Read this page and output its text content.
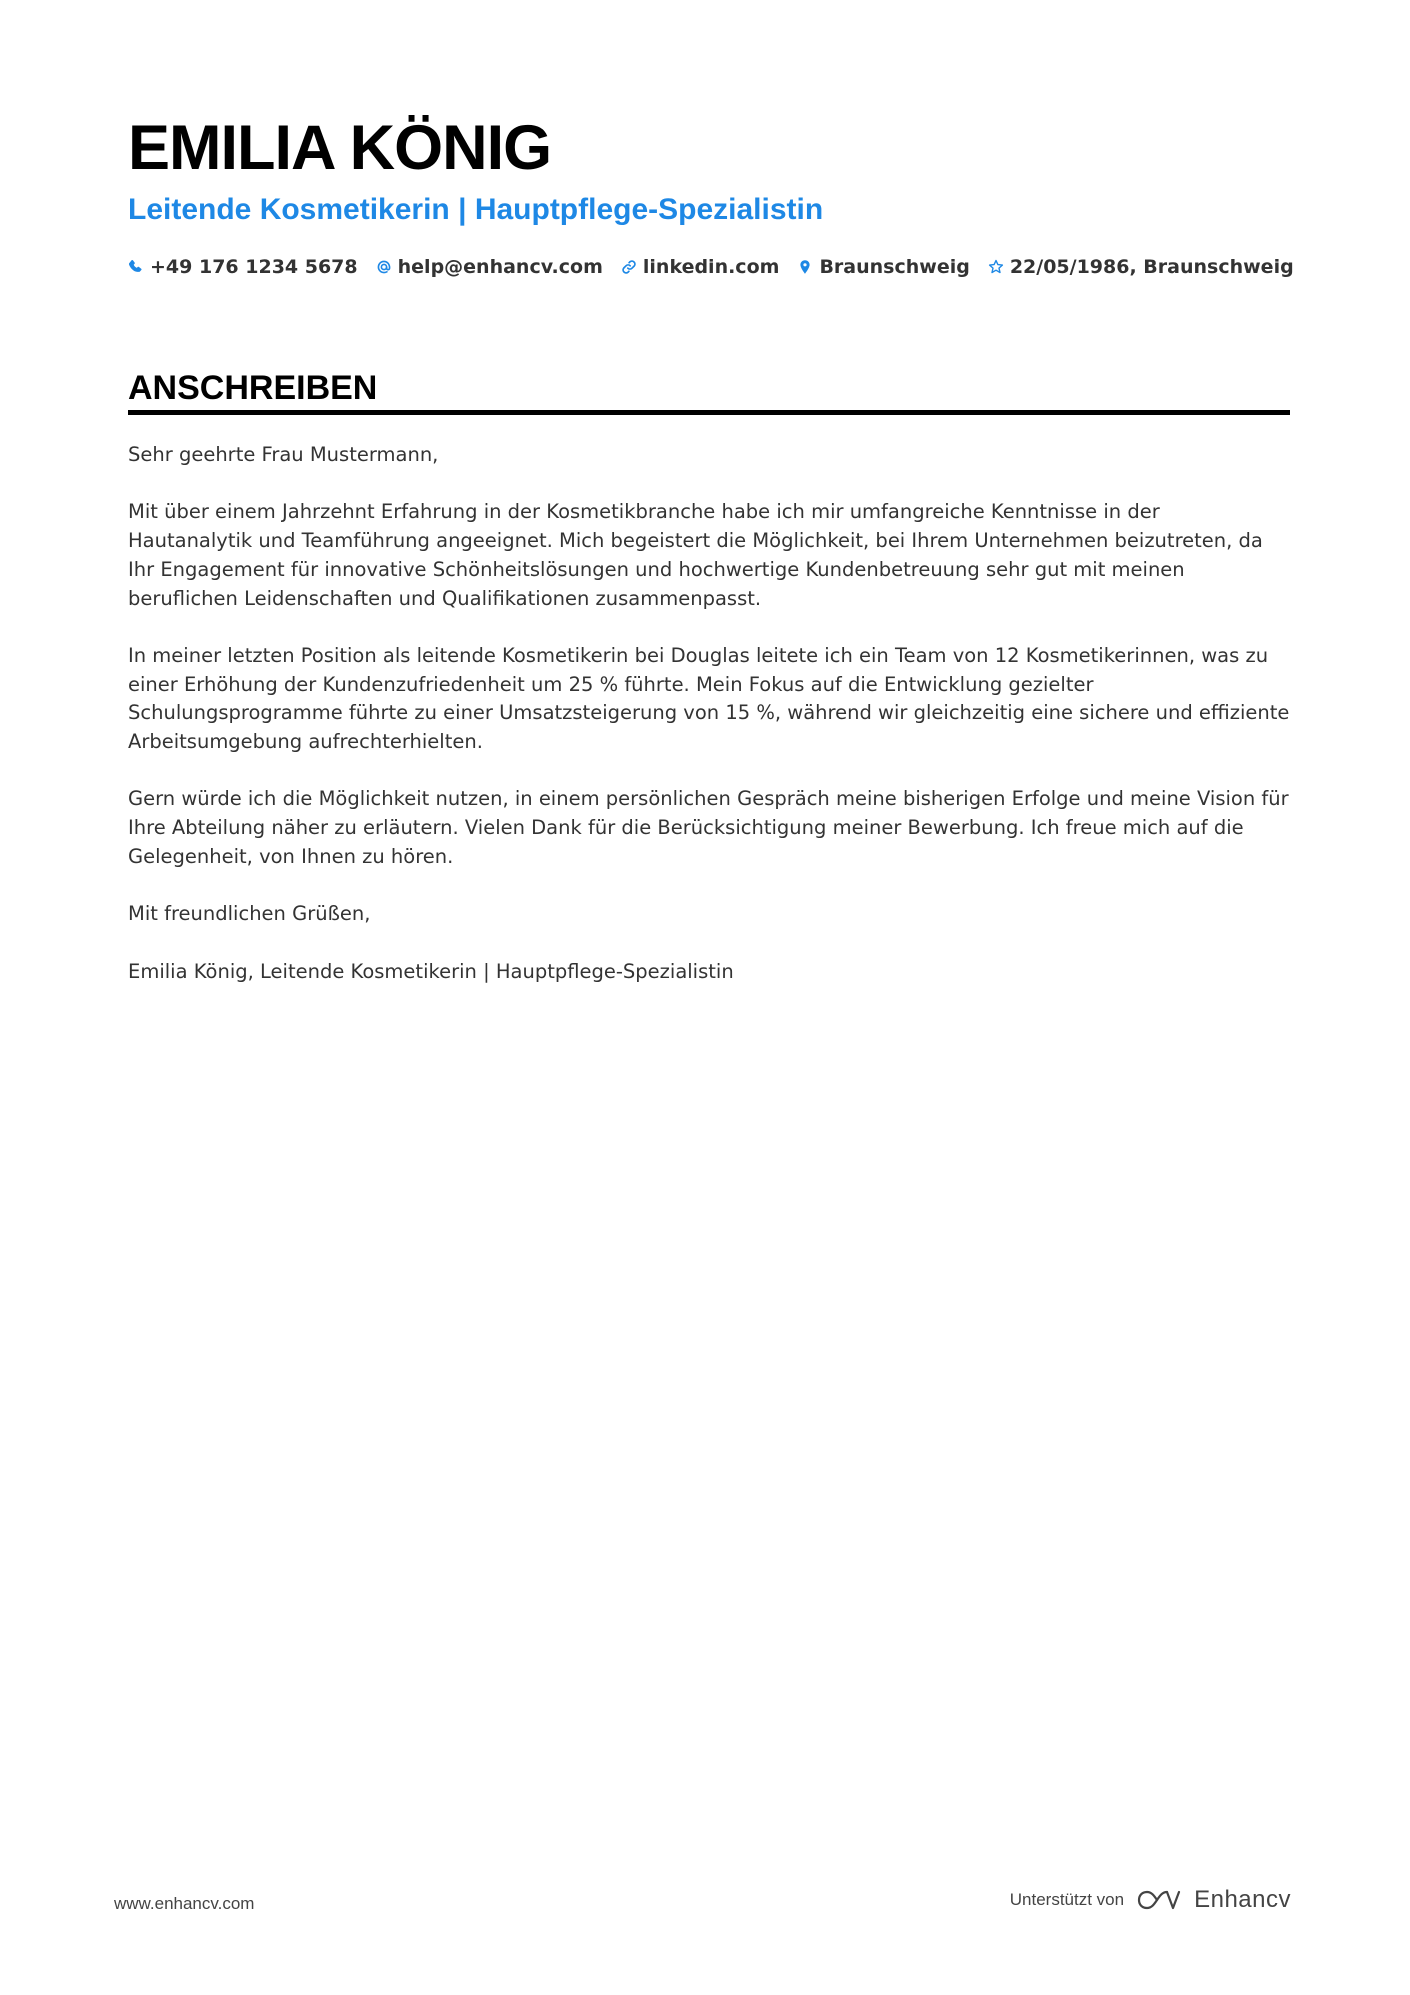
EMILIA KÖNIG
Leitende Kosmetikerin | Hauptpflege-Spezialistin
+49 176 1234 5678 help@enhancv.com linkedin.com Braunschweig 22/05/1986, Braunschweig
ANSCHREIBEN

Sehr geehrte Frau Mustermann,

Mit über einem Jahrzehnt Erfahrung in der Kosmetikbranche habe ich mir umfangreiche Kenntnisse in der Hautanalytik und Teamführung angeeignet. Mich begeistert die Möglichkeit, bei Ihrem Unternehmen beizutreten, da Ihr Engagement für innovative Schönheitslösungen und hochwertige Kundenbetreuung sehr gut mit meinen beruflichen Leidenschaften und Qualifikationen zusammenpasst.

In meiner letzten Position als leitende Kosmetikerin bei Douglas leitete ich ein Team von 12 Kosmetikerinnen, was zu einer Erhöhung der Kundenzufriedenheit um 25 % führte. Mein Fokus auf die Entwicklung gezielter Schulungsprogramme führte zu einer Umsatzsteigerung von 15 %, während wir gleichzeitig eine sichere und effiziente Arbeitsumgebung aufrechterhielten.

Gern würde ich die Möglichkeit nutzen, in einem persönlichen Gespräch meine bisherigen Erfolge und meine Vision für Ihre Abteilung näher zu erläutern. Vielen Dank für die Berücksichtigung meiner Bewerbung. Ich freue mich auf die Gelegenheit, von Ihnen zu hören.

Mit freundlichen Grüßen,

Emilia König, Leitende Kosmetikerin | Hauptpflege-Spezialistin

www.enhancv.com	Unterstützt von	Enhancv
